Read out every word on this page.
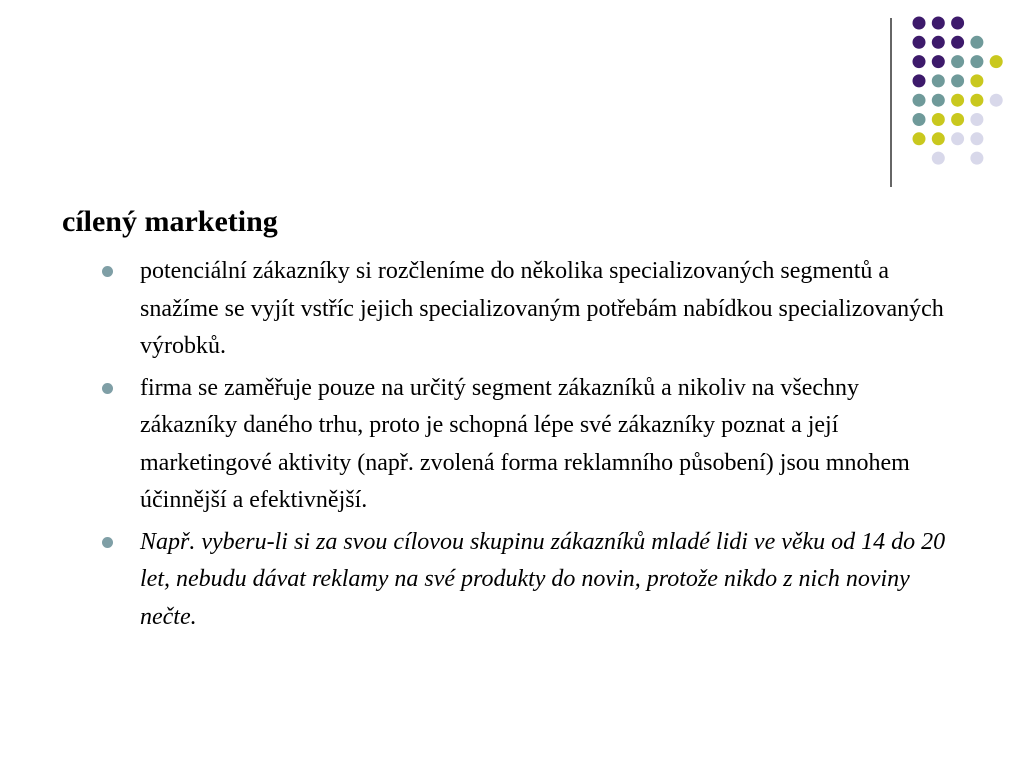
cílený marketing
potenciální zákazníky si rozčleníme do několika specializovaných segmentů a snažíme se vyjít vstříc jejich specializovaným potřebám nabídkou specializovaných výrobků.
firma se zaměřuje pouze na určitý segment zákazníků a nikoliv na všechny zákazníky daného trhu, proto je schopná lépe své zákazníky poznat a její marketingové aktivity (např. zvolená forma reklamního působení) jsou mnohem účinnější a efektivnější.
Např. vyberu-li si za svou cílovou skupinu zákazníků mladé lidi ve věku od 14 do 20 let, nebudu dávat reklamy na své produkty do novin, protože nikdo z nich noviny nečte.
